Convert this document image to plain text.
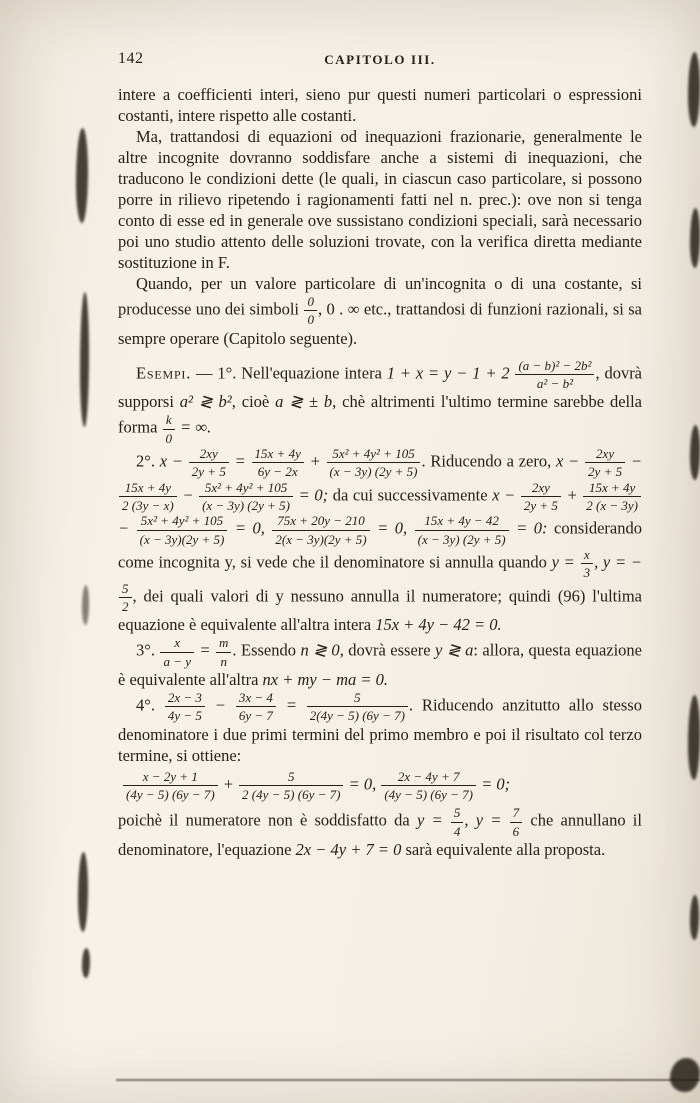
142	CAPITOLO III.

intere a coefficienti interi, sieno pur questi numeri particolari o espressioni costanti, intere rispetto alle costanti.

Ma, trattandosi di equazioni od inequazioni frazionarie, generalmente le altre incognite dovranno soddisfare anche a sistemi di inequazioni, che traducono le condizioni dette (le quali, in ciascun caso particolare, si possono porre in rilievo ripetendo i ragionamenti fatti nel n. prec.): ove non si tenga conto di esse ed in generale ove sussistano condizioni speciali, sarà necessario poi uno studio attento delle soluzioni trovate, con la verifica diretta mediante sostituzione in F.

Quando, per un valore particolare di un'incognita o di una costante, si producesse uno dei simboli $\frac{0}{0}$ , 0 . ∞ etc., trattandosi di funzioni razionali, si sa sempre operare (Capitolo seguente).

Esempi. — 1°. Nell'equazione intera $1 + x = y - 1 + 2 \frac{\text{(a − b)² − 2b²}}{\text{a² − b²}}$ , dovrà supporsi a² ≷ b², cioè a ≷ ± b, chè altrimenti l'ultimo termine sarebbe della forma $\frac{k}{0}$ = ∞.

2°. $x - \frac{2xy}{2y + 5} = \frac{15x + 4y}{6y - 2x} + \frac{\text{5x² + 4y² + 105}}{(x - 3y) (2y + 5)}$ . Riducendo a zero, $x - \frac{2xy}{2y + 5}$ −
$\frac{15x + 4y}{2 (3y - x)} - \frac{\text{5x² + 4y² + 105}}{(x - 3y) (2y + 5)} = 0$; da cui successivamente $x - \frac{2xy}{2y + 5} + \frac{15x + 4y}{2 (x - 3y)}$
− $\frac{\text{5x² + 4y² + 105}}{(x - 3y)(2y + 5)} = 0$, $\frac{75x + 20y - 210}{2(x - 3y)(2y + 5)} = 0$, $\frac{15x + 4y - 42}{(x - 3y) (2y + 5)} = 0$: considerando come incognita y, si vede che il denominatore si annulla quando $y = \frac{x}{3}$ , y = −
$\frac{5}{2}$ , dei quali valori di y nessuno annulla il numeratore; quindi (96) l'ultima equazione è equivalente all'altra intera 15x + 4y − 42 = 0.

3°. $\frac{x}{a - y} = \frac{m}{n}$ . Essendo n ≷ 0, dovrà essere y ≷ a: allora, questa equazione è equivalente all'altra nx + my − ma = 0.

4°. $\frac{2x - 3}{4y - 5} - \frac{3x - 4}{6y - 7} = \frac{5}{2(4y - 5) (6y - 7)}$ . Riducendo anzitutto allo stesso denominatore i due primi termini del primo membro e poi il risultato col terzo termine, si ottiene:

$\frac{x - 2y + 1}{(4y - 5) (6y - 7)} + \frac{5}{2 (4y - 5) (6y - 7)} = 0$, $\frac{2x - 4y + 7}{(4y - 5) (6y - 7)} = 0$;

poichè il numeratore non è soddisfatto da $y = \frac{5}{4}$ , $y = \frac{7}{6}$ che annullano il denominatore, l'equazione 2x − 4y + 7 = 0 sarà equivalente alla proposta.
